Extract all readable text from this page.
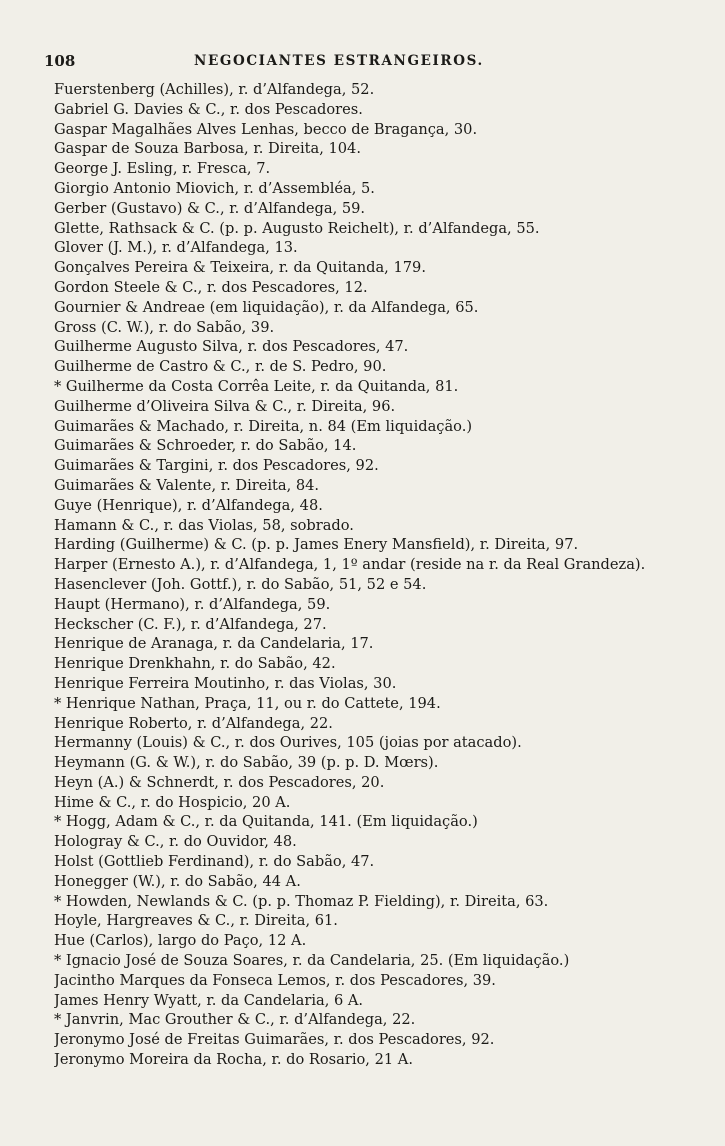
108	NEGOCIANTES ESTRANGEIROS.
Fuerstenberg (Achilles), r. d’Alfandega, 52.
Gabriel G. Davies & C., r. dos Pescadores.
Gaspar Magalhães Alves Lenhas, becco de Bragança, 30.
Gaspar de Souza Barbosa, r. Direita, 104.
George J. Esling, r. Fresca, 7.
Giorgio Antonio Miovich, r. d’Assembléa, 5.
Gerber (Gustavo) & C., r. d’Alfandega, 59.
Glette, Rathsack & C. (p. p. Augusto Reichelt), r. d’Alfandega, 55.
Glover (J. M.), r. d’Alfandega, 13.
Gonçalves Pereira & Teixeira, r. da Quitanda, 179.
Gordon Steele & C., r. dos Pescadores, 12.
Gournier & Andreae (em liquidação), r. da Alfandega, 65.
Gross (C. W.), r. do Sabão, 39.
Guilherme Augusto Silva, r. dos Pescadores, 47.
Guilherme de Castro & C., r. de S. Pedro, 90.
* Guilherme da Costa Corrêa Leite, r. da Quitanda, 81.
Guilherme d’Oliveira Silva & C., r. Direita, 96.
Guimarães & Machado, r. Direita, n. 84 (Em liquidação.)
Guimarães & Schroeder, r. do Sabão, 14.
Guimarães & Targini, r. dos Pescadores, 92.
Guimarães & Valente, r. Direita, 84.
Guye (Henrique), r. d’Alfandega, 48.
Hamann & C., r. das Violas, 58, sobrado.
Harding (Guilherme) & C. (p. p. James Enery Mansfield), r. Direita, 97.
Harper (Ernesto A.), r. d’Alfandega, 1, 1º andar (reside na r. da Real Grandeza).
Hasenclever (Joh. Gottf.), r. do Sabão, 51, 52 e 54.
Haupt (Hermano), r. d’Alfandega, 59.
Heckscher (C. F.), r. d’Alfandega, 27.
Henrique de Aranaga, r. da Candelaria, 17.
Henrique Drenkhahn, r. do Sabão, 42.
Henrique Ferreira Moutinho, r. das Violas, 30.
* Henrique Nathan, Praça, 11, ou r. do Cattete, 194.
Henrique Roberto, r. d’Alfandega, 22.
Hermanny (Louis) & C., r. dos Ourives, 105 (joias por atacado).
Heymann (G. & W.), r. do Sabão, 39 (p. p. D. Mœrs).
Heyn (A.) & Schnerdt, r. dos Pescadores, 20.
Hime & C., r. do Hospicio, 20 A.
* Hogg, Adam & C., r. da Quitanda, 141. (Em liquidação.)
Hologray & C., r. do Ouvidor, 48.
Holst (Gottlieb Ferdinand), r. do Sabão, 47.
Honegger (W.), r. do Sabão, 44 A.
* Howden, Newlands & C. (p. p. Thomaz P. Fielding), r. Direita, 63.
Hoyle, Hargreaves & C., r. Direita, 61.
Hue (Carlos), largo do Paço, 12 A.
* Ignacio José de Souza Soares, r. da Candelaria, 25. (Em liquidação.)
Jacintho Marques da Fonseca Lemos, r. dos Pescadores, 39.
James Henry Wyatt, r. da Candelaria, 6 A.
* Janvrin, Mac Grouther & C., r. d’Alfandega, 22.
Jeronymo José de Freitas Guimarães, r. dos Pescadores, 92.
Jeronymo Moreira da Rocha, r. do Rosario, 21 A.
